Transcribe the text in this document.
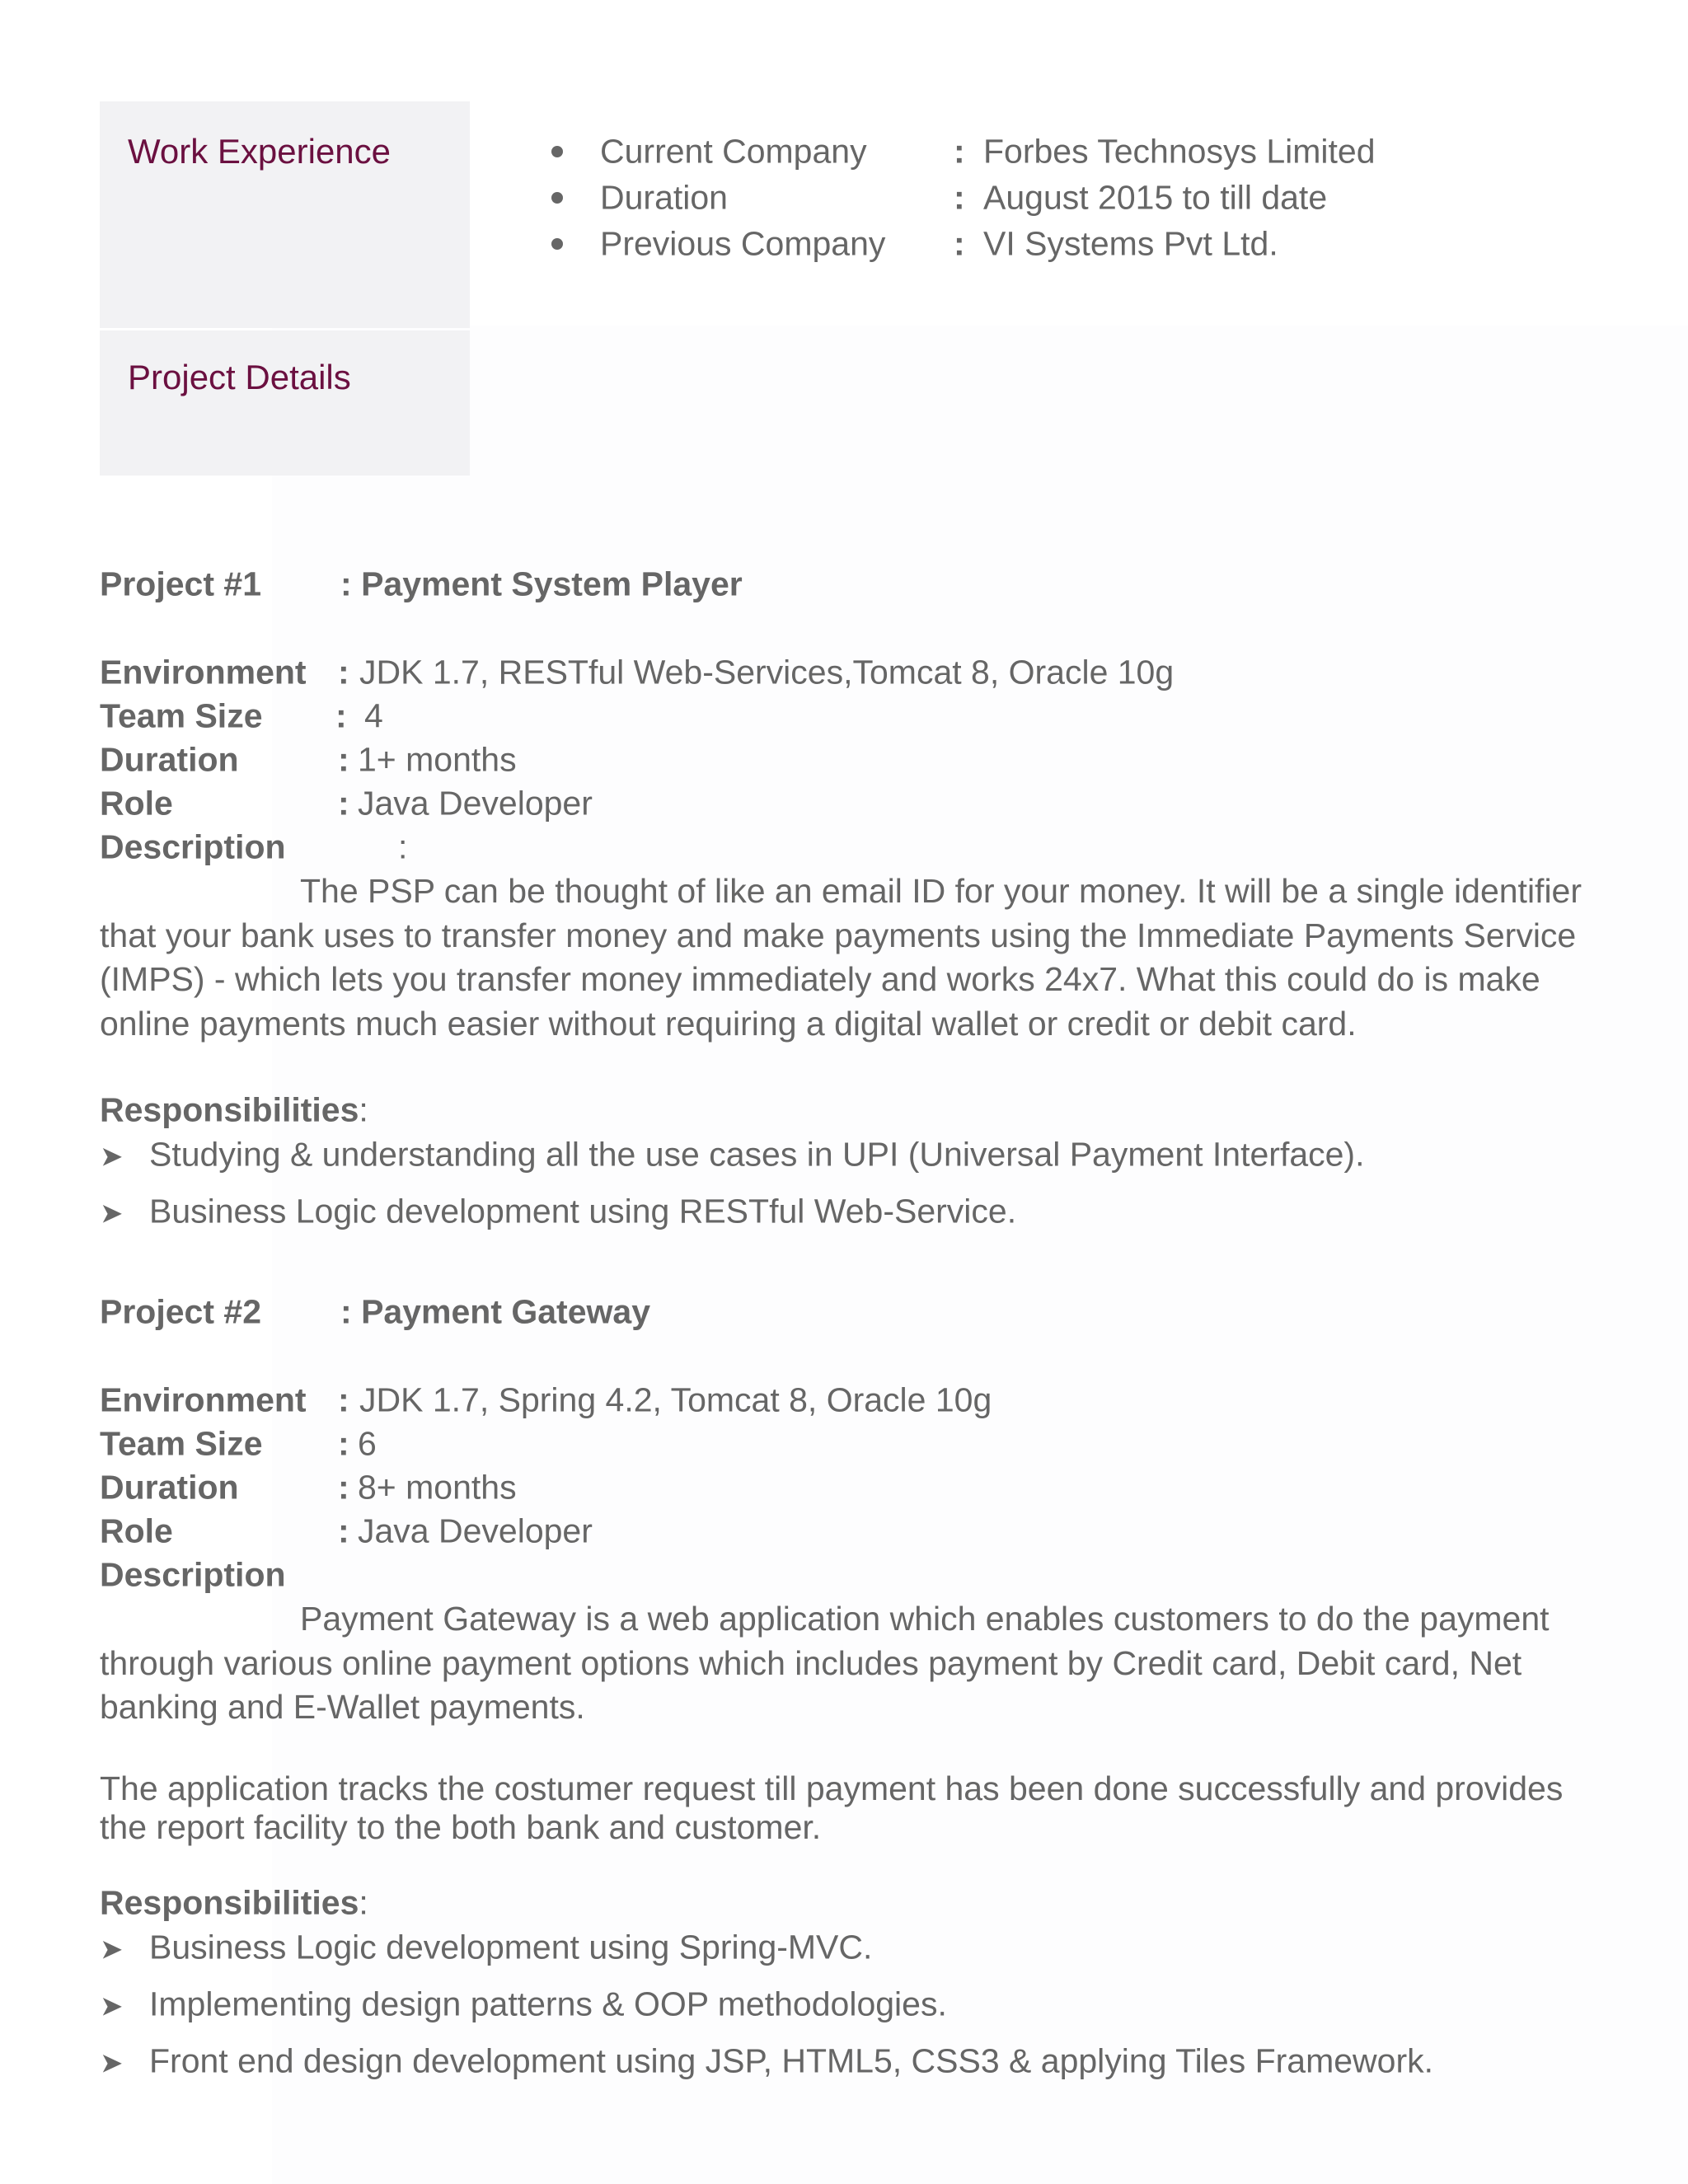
Work Experience
Project Details
Current Company	: Forbes Technosys Limited
Duration	: August 2015 to till date
Previous Company : VI Systems Pvt Ltd.
Project #1 : Payment System Player
Environment : JDK 1.7, RESTful Web-Services,Tomcat 8, Oracle 10g
Team Size : 4
Duration	: 1+ months
Role	: Java Developer
Description	:
The PSP can be thought of like an email ID for your money. It will be a single identifier that your bank uses to transfer money and make payments using the Immediate Payments Service (IMPS) - which lets you transfer money immediately and works 24x7. What this could do is make online payments much easier without requiring a digital wallet or credit or debit card.
Responsibilities:
➤ Studying & understanding all the use cases in UPI (Universal Payment Interface).
➤ Business Logic development using RESTful Web-Service.
Project #2 : Payment Gateway
Environment : JDK 1.7, Spring 4.2, Tomcat 8, Oracle 10g
Team Size : 6
Duration	: 8+ months
Role	: Java Developer
Description
Payment Gateway is a web application which enables customers to do the payment through various online payment options which includes payment by Credit card, Debit card, Net banking and E-Wallet payments.
The application tracks the costumer request till payment has been done successfully and provides the report facility to the both bank and customer.
Responsibilities:
➤ Business Logic development using Spring-MVC.
➤ Implementing design patterns & OOP methodologies.
➤ Front end design development using JSP, HTML5, CSS3 & applying Tiles Framework.
